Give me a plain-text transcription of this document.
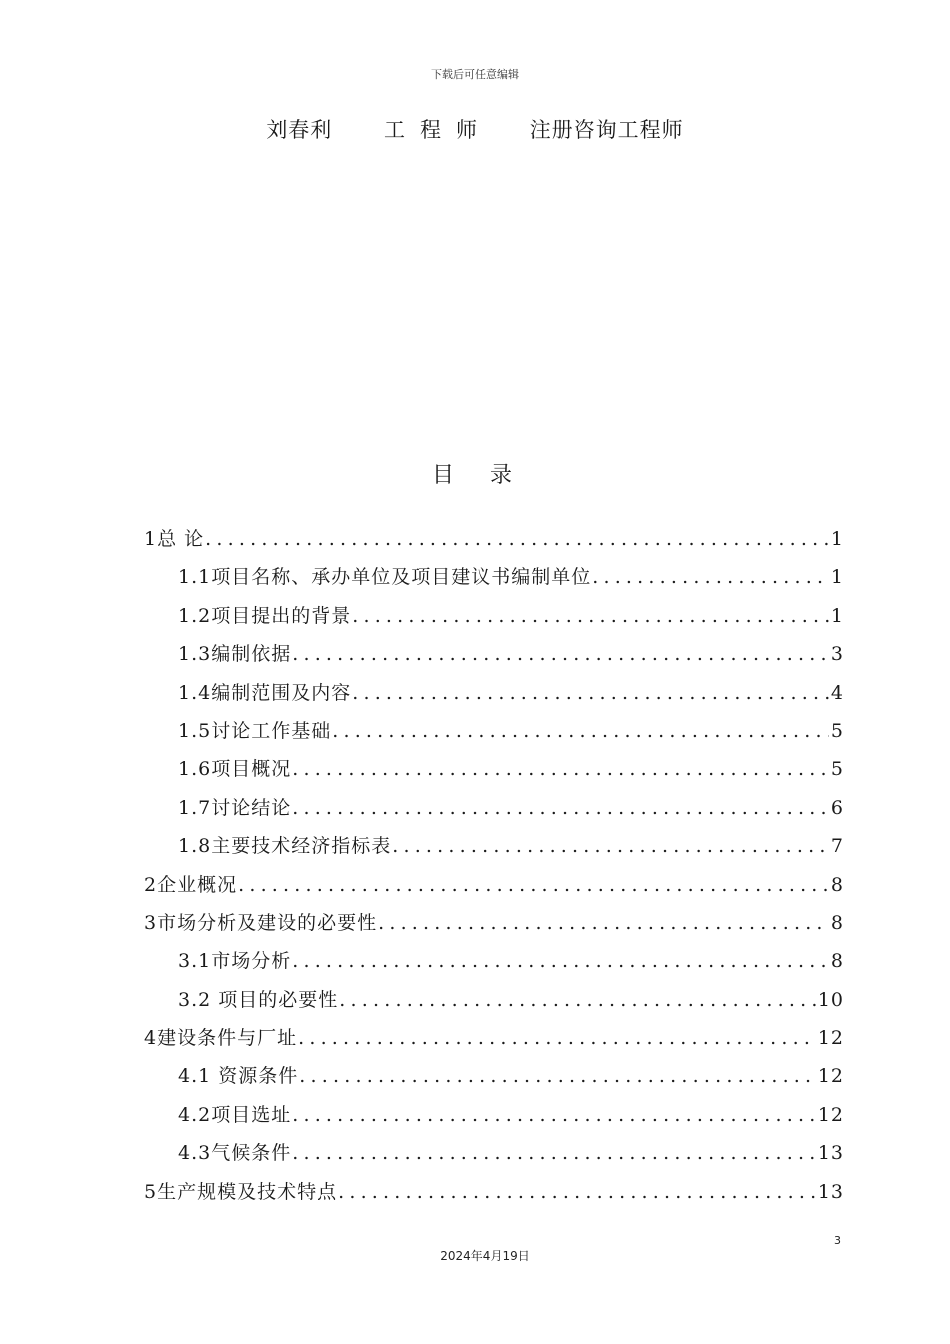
下载后可任意编辑
刘春利 工程师 注册咨询工程师
目录
1总 论 .....	1
1.1项目名称、承办单位及项目建议书编制单位 .....	1
1.2项目提出的背景 .....	1
1.3编制依据 .....	3
1.4编制范围及内容 .....	4
1.5讨论工作基础 .....	5
1.6项目概况 .....	5
1.7讨论结论 .....	6
1.8主要技术经济指标表 .....	7
2企业概况 .....	8
3市场分析及建设的必要性 .....	8
3.1市场分析 .....	8
3.2 项目的必要性 .....	10
4建设条件与厂址 .....	12
4.1 资源条件 .....	12
4.2项目选址 .....	12
4.3气候条件 .....	13
5生产规模及技术特点 .....	13
3
2024年4月19日
